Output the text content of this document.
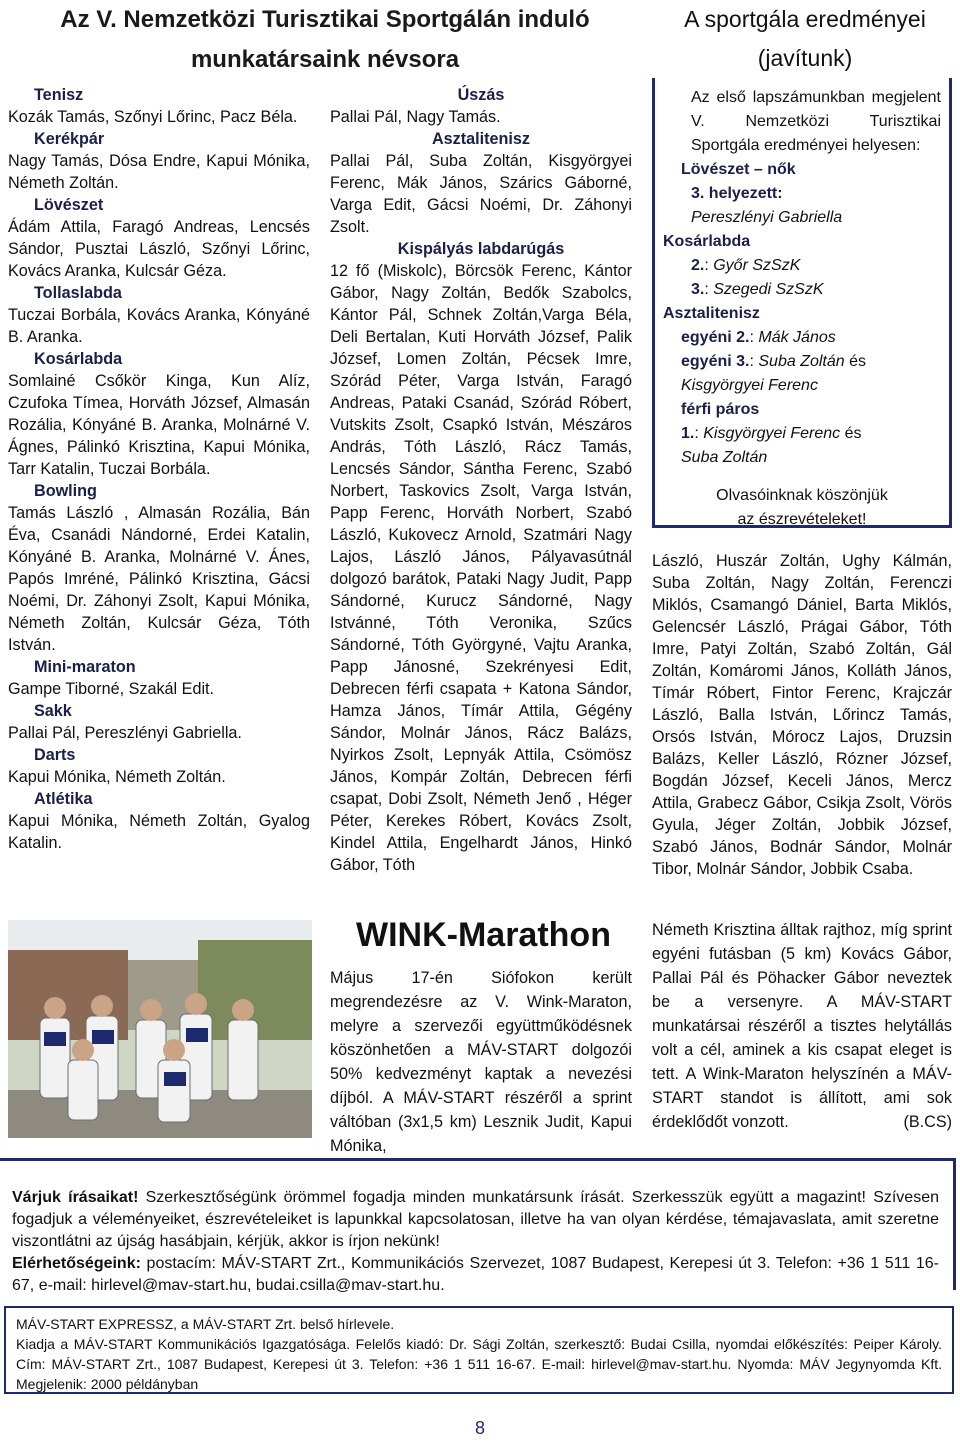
Az V. Nemzetközi Turisztikai Sportgálán induló
munkatársaink névsora
A sportgála eredményei
(javítunk)

Tenisz
Kozák Tamás, Szőnyi Lőrinc, Pacz Béla.

Kerékpár
Nagy Tamás, Dósa Endre, Kapui Mónika, Németh Zoltán.

Lövészet
Ádám Attila, Faragó Andreas, Lencsés Sándor, Pusztai László, Szőnyi Lőrinc, Kovács Aranka, Kulcsár Géza.

Tollaslabda
Tuczai Borbála, Kovács Aranka, Kónyáné B. Aranka.

Kosárlabda
Somlainé Csőkör Kinga, Kun Alíz, Czufoka Tímea, Horváth József, Almasán Rozália, Kónyáné B. Aranka, Molnárné V. Ágnes, Pálinkó Krisztina, Kapui Mónika, Tarr Katalin, Tuczai Borbála.

Bowling
Tamás László , Almasán Rozália, Bán Éva, Csanádi Nándorné, Erdei Katalin, Kónyáné B. Aranka, Molnárné V. Ánes, Papós Imréné, Pálinkó Krisztina, Gácsi Noémi, Dr. Záhonyi Zsolt, Kapui Mónika, Németh Zoltán, Kulcsár Géza, Tóth István.

Mini-maraton
Gampe Tiborné, Szakál Edit.

Sakk
Pallai Pál, Pereszlényi Gabriella.

Darts
Kapui Mónika, Németh Zoltán.

Atlétika
Kapui Mónika, Németh Zoltán, Gyalog Katalin.

Úszás
Pallai Pál, Nagy Tamás.

Asztalitenisz
Pallai Pál, Suba Zoltán, Kisgyörgyei Ferenc, Mák János, Szárics Gáborné, Varga Edit, Gácsi Noémi, Dr. Záhonyi Zsolt.

Kispályás labdarúgás
12 fő (Miskolc), Börcsök Ferenc, Kántor Gábor, Nagy Zoltán, Bedők Szabolcs, Kántor Pál, Schnek Zoltán,Varga Béla, Deli Bertalan, Kuti Horváth József, Palik József, Lomen Zoltán, Pécsek Imre, Szórád Péter, Varga István, Faragó Andreas, Pataki Csanád, Szórád Róbert, Vutskits Zsolt, Csapkó István, Mészáros András, Tóth László, Rácz Tamás, Lencsés Sándor, Sántha Ferenc, Szabó Norbert, Taskovics Zsolt, Varga István, Papp Ferenc, Horváth Norbert, Szabó László, Kukovecz Arnold, Szatmári Nagy Lajos, László János, Pályavasútnál dolgozó barátok, Pataki Nagy Judit, Papp Sándorné, Kurucz Sándorné, Nagy Istvánné, Tóth Veronika, Szűcs Sándorné, Tóth Györgyné, Vajtu Aranka, Papp Jánosné, Szekrényesi Edit, Debrecen férfi csapata + Katona Sándor, Hamza János, Tímár Attila, Gégény Sándor, Molnár János, Rácz Balázs, Nyirkos Zsolt, Lepnyák Attila, Csömösz János, Kompár Zoltán, Debrecen férfi csapat, Dobi Zsolt, Németh Jenő , Héger Péter, Kerekes Róbert, Kovács Zsolt, Kindel Attila, Engelhardt János, Hinkó Gábor, Tóth

WINK-Marathon
Május 17-én Siófokon került megrendezésre az V. Wink-Maraton, melyre a szervezői együttműködésnek köszönhetően a MÁV-START dolgozói 50% kedvezményt kaptak a nevezési díjból. A MÁV-START részéről a sprint váltóban (3x1,5 km) Lesznik Judit, Kapui Mónika,

Az első lapszámunkban megjelent V. Nemzetközi Turisztikai Sportgála eredményei helyesen:

Lövészet – nők
3. helyezett:
Pereszlényi Gabriella
Kosárlabda
2.: Győr SzSzK
3.: Szegedi SzSzK
Asztalitenisz
egyéni 2.: Mák János
egyéni 3.: Suba Zoltán és
Kisgyörgyei Ferenc
férfi páros
1.: Kisgyörgyei Ferenc és
Suba Zoltán
Olvasóinknak köszönjük
az észrevételeket!
László, Huszár Zoltán, Ughy Kálmán, Suba Zoltán, Nagy Zoltán, Ferenczi Miklós, Csamangó Dániel, Barta Miklós, Gelencsér László, Prágai Gábor, Tóth Imre, Patyi Zoltán, Szabó Zoltán, Gál Zoltán, Komáromi János, Kolláth János, Tímár Róbert, Fintor Ferenc, Krajczár László, Balla István, Lőrincz Tamás, Orsós István, Mórocz Lajos, Druzsin Balázs, Keller László, Rózner József, Bogdán József, Keceli János, Mercz Attila, Grabecz Gábor, Csikja Zsolt, Vörös Gyula, Jéger Zoltán, Jobbik József, Szabó János, Bodnár Sándor, Molnár Tibor, Molnár Sándor, Jobbik Csaba.
Németh Krisztina álltak rajthoz, míg sprint egyéni futásban (5 km) Kovács Gábor, Pallai Pál és Pöhacker Gábor neveztek be a versenyre. A MÁV-START munkatársai részéről a tisztes helytállás volt a cél, aminek a kis csapat eleget is tett. A Wink-Maraton helyszínén a MÁV-START standot is állított, ami sok érdeklődőt vonzott.	(B.CS)
Várjuk írásaikat! Szerkesztőségünk örömmel fogadja minden munkatársunk írását. Szerkesszük együtt a magazint! Szívesen fogadjuk a véleményeiket, észrevételeiket is lapunkkal kapcsolatosan, illetve ha van olyan kérdése, témajavaslata, amit szeretne viszontlátni az újság hasábjain, kérjük, akkor is írjon nekünk!
Elérhetőségeink: postacím: MÁV-START Zrt., Kommunikációs Szervezet, 1087 Budapest, Kerepesi út 3. Telefon: +36 1 511 16-67, e-mail: hirlevel@mav-start.hu, budai.csilla@mav-start.hu.
MÁV-START EXPRESSZ, a MÁV-START Zrt. belső hírlevele.
Kiadja a MÁV-START Kommunikációs Igazgatósága. Felelős kiadó: Dr. Sági Zoltán, szerkesztő: Budai Csilla, nyomdai előkészítés: Peiper Károly. Cím: MÁV-START Zrt., 1087 Budapest, Kerepesi út 3. Telefon: +36 1 511 16-67. E-mail: hirlevel@mav-start.hu. Nyomda: MÁV Jegynyomda Kft. Megjelenik: 2000 példányban
8
